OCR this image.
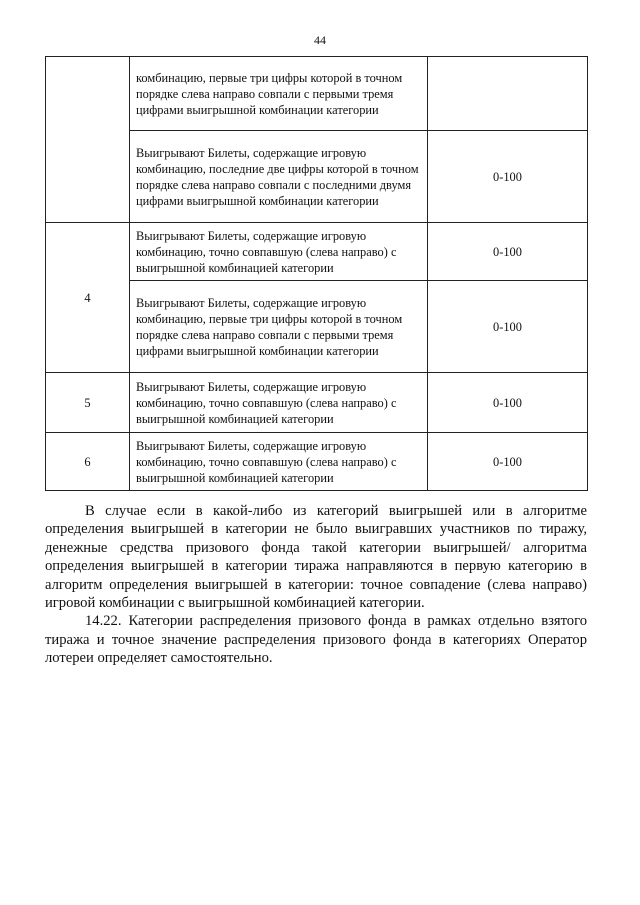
44
	комбинацию, первые три цифры которой в точном порядке слева направо совпали с первыми тремя цифрами выигрышной комбинации категории	
	Выигрывают Билеты, содержащие игровую комбинацию, последние две цифры которой в точном порядке слева направо совпали с последними двумя цифрами выигрышной комбинации категории	0-100
4	Выигрывают Билеты, содержащие игровую комбинацию, точно совпавшую (слева направо) с выигрышной комбинацией категории	0-100
	Выигрывают Билеты, содержащие игровую комбинацию, первые три цифры которой в точном порядке слева направо совпали с первыми тремя цифрами выигрышной комбинации категории	0-100
5	Выигрывают Билеты, содержащие игровую комбинацию, точно совпавшую (слева направо) с выигрышной комбинацией категории	0-100
6	Выигрывают Билеты, содержащие игровую комбинацию, точно совпавшую (слева направо) с выигрышной комбинацией категории	0-100

В случае если в какой-либо из категорий выигрышей или в алгоритме определения выигрышей в категории не было выигравших участников по тиражу, денежные средства призового фонда такой категории выигрышей/ алгоритма определения выигрышей в категории тиража направляются в первую категорию в алгоритм определения выигрышей в категории: точное совпадение (слева направо) игровой комбинации с выигрышной комбинацией категории.

14.22. Категории распределения призового фонда в рамках отдельно взятого тиража и точное значение распределения призового фонда в категориях Оператор лотереи определяет самостоятельно.
